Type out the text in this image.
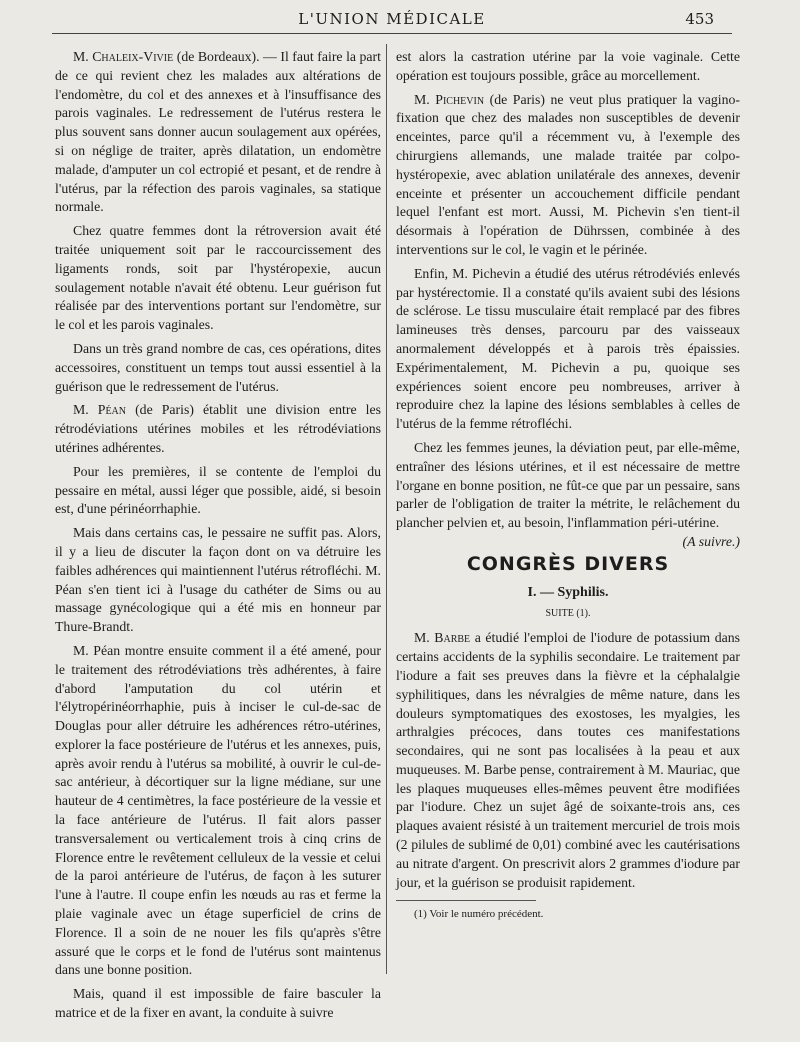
L'UNION MÉDICALE	453

M. Chaleix-Vivie (de Bordeaux). — Il faut faire la part de ce qui revient chez les malades aux altérations de l'endomètre, du col et des annexes et à l'insuffisance des parois vaginales. Le redressement de l'utérus restera le plus souvent sans donner aucun soulagement aux opérées, si on néglige de traiter, après dilatation, un endomètre malade, d'amputer un col ectropié et pesant, et de rendre à l'utérus, par la réfection des parois vaginales, sa statique normale.

Chez quatre femmes dont la rétroversion avait été traitée uniquement soit par le raccourcissement des ligaments ronds, soit par l'hystéropexie, aucun soulagement notable n'avait été obtenu. Leur guérison fut réalisée par des interventions portant sur l'endomètre, sur le col et les parois vaginales.

Dans un très grand nombre de cas, ces opérations, dites accessoires, constituent un temps tout aussi essentiel à la guérison que le redressement de l'utérus.

M. Péan (de Paris) établit une division entre les rétrodéviations utérines mobiles et les rétrodéviations utérines adhérentes.

Pour les premières, il se contente de l'emploi du pessaire en métal, aussi léger que possible, aidé, si besoin est, d'une périnéorrhaphie.

Mais dans certains cas, le pessaire ne suffit pas. Alors, il y a lieu de discuter la façon dont on va détruire les faibles adhérences qui maintiennent l'utérus rétrofléchi. M. Péan s'en tient ici à l'usage du cathéter de Sims ou au massage gynécologique qui a été mis en honneur par Thure-Brandt.

M. Péan montre ensuite comment il a été amené, pour le traitement des rétrodéviations très adhérentes, à faire d'abord l'amputation du col utérin et l'élytropérinéorrhaphie, puis à inciser le cul-de-sac de Douglas pour aller détruire les adhérences rétro-utérines, explorer la face postérieure de l'utérus et les annexes, puis, après avoir rendu à l'utérus sa mobilité, à ouvrir le cul-de-sac antérieur, à décortiquer sur la ligne médiane, sur une hauteur de 4 centimètres, la face postérieure de la vessie et la face antérieure de l'utérus. Il fait alors passer transversalement ou verticalement trois à cinq crins de Florence entre le revêtement celluleux de la vessie et celui de la paroi antérieure de l'utérus, de façon à les suturer l'une à l'autre. Il coupe enfin les nœuds au ras et ferme la plaie vaginale avec un étage superficiel de crins de Florence. Il a soin de ne nouer les fils qu'après s'être assuré que le corps et le fond de l'utérus sont maintenus dans une bonne position.

Mais, quand il est impossible de faire basculer la matrice et de la fixer en avant, la conduite à suivre

est alors la castration utérine par la voie vaginale. Cette opération est toujours possible, grâce au morcellement.

M. Pichevin (de Paris) ne veut plus pratiquer la vagino-fixation que chez des malades non susceptibles de devenir enceintes, parce qu'il a récemment vu, à l'exemple des chirurgiens allemands, une malade traitée par colpo-hystéropexie, avec ablation unilatérale des annexes, devenir enceinte et présenter un accouchement difficile pendant lequel l'enfant est mort. Aussi, M. Pichevin s'en tient-il désormais à l'opération de Dührssen, combinée à des interventions sur le col, le vagin et le périnée.

Enfin, M. Pichevin a étudié des utérus rétrodéviés enlevés par hystérectomie. Il a constaté qu'ils avaient subi des lésions de sclérose. Le tissu musculaire était remplacé par des fibres lamineuses très denses, parcouru par des vaisseaux anormalement développés et à parois très épaissies. Expérimentalement, M. Pichevin a pu, quoique ses expériences soient encore peu nombreuses, arriver à reproduire chez la lapine des lésions semblables à celles de l'utérus de la femme rétrofléchi.

Chez les femmes jeunes, la déviation peut, par elle-même, entraîner des lésions utérines, et il est nécessaire de mettre l'organe en bonne position, ne fût-ce que par un pessaire, sans parler de l'obligation de traiter la métrite, le relâchement du plancher pelvien et, au besoin, l'inflammation péri-utérine.
(A suivre.)

CONGRÈS DIVERS
I. — Syphilis.
SUITE (1).

M. Barbe a étudié l'emploi de l'iodure de potassium dans certains accidents de la syphilis secondaire. Le traitement par l'iodure a fait ses preuves dans la fièvre et la céphalalgie syphilitiques, dans les névralgies de même nature, dans les douleurs symptomatiques des exostoses, les myalgies, les arthralgies précoces, dans toutes ces manifestations secondaires, qui ne sont pas localisées à la peau et aux muqueuses. M. Barbe pense, contrairement à M. Mauriac, que les plaques muqueuses elles-mêmes peuvent être modifiées par l'iodure. Chez un sujet âgé de soixante-trois ans, ces plaques avaient résisté à un traitement mercuriel de trois mois (2 pilules de sublimé de 0,01) combiné avec les cautérisations au nitrate d'argent. On prescrivit alors 2 grammes d'iodure par jour, et la guérison se produisit rapidement.

(1) Voir le numéro précédent.
